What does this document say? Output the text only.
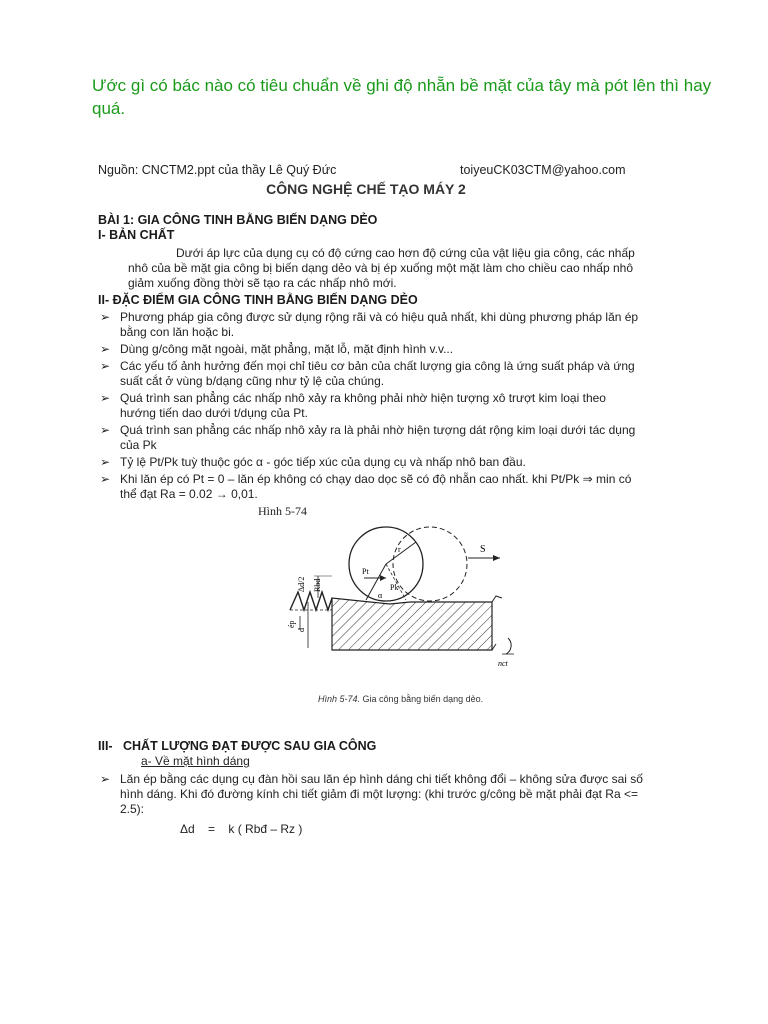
Ước gì có bác nào có tiêu chuẩn về ghi độ nhẵn bề mặt của tây mà pót lên thì hay quá.
Nguồn: CNCTM2.ppt của thầy Lê Quý Đức	toiyeuCK03CTM@yahoo.com
CÔNG NGHỆ CHẾ TẠO MÁY 2
BÀI 1: GIA CÔNG TINH BẰNG BIẾN DẠNG DẺO
I- BẢN CHẤT
Dưới áp lực của dụng cụ có độ cứng cao hơn độ cứng của vật liệu gia công, các nhấp nhô của bề mặt gia công bị biến dạng dẻo và bị ép xuống một mặt làm cho chiều cao nhấp nhô giảm xuống đồng thời sẽ tạo ra các nhấp nhô mới.
II- ĐẶC ĐIỂM GIA CÔNG TINH BẰNG BIẾN DẠNG DẺO
➢ Phương pháp gia công được sử dụng rộng rãi và có hiệu quả nhất, khi dùng phương pháp lăn ép bằng con lăn hoặc bi.
➢ Dùng g/công mặt ngoài, mặt phẳng, mặt lỗ, mặt định hình v.v...
➢ Các yếu tố ảnh hưởng đến mọi chỉ tiêu cơ bản của chất lượng gia công là ứng suất pháp và ứng suất cắt ở vùng b/dạng cũng như tỷ lệ của chúng.
➢ Quá trình san phẳng các nhấp nhô xảy ra không phải nhờ hiện tượng xô trượt kim loại theo hướng tiến dao dưới t/dụng của Pt.
➢ Quá trình san phẳng các nhấp nhô xảy ra là phải nhờ hiện tượng dát rộng kim loại dưới tác dụng của Pk
➢ Tỷ lệ Pt/Pk tuỳ thuộc góc α - góc tiếp xúc của dụng cụ và nhấp nhô ban đầu.
➢ Khi lăn ép có Pt = 0 – lăn ép không có chạy dao dọc sẽ có độ nhẵn cao nhất. khi Pt/Pk ⇒ min có thể đạt Ra = 0.02 → 0,01.
Hình 5-74
S
Rbd
Δd/2
d
ép
Pt
Pk
r
α
nct
Hình 5-74. Gia công bằng biến dạng dẻo.
III-   CHẤT LƯỢNG ĐẠT ĐƯỢC SAU GIA CÔNG
a- Về mặt hình dáng
➢ Lăn ép bằng các dụng cụ đàn hồi sau lăn ép hình dáng chi tiết không đổi – không sửa được sai số hình dáng. Khi đó đường kính chi tiết giảm đi một lượng: (khi trước g/công bề mặt phải đạt Ra <= 2.5):
Δd    =    k ( Rbđ – Rz )
